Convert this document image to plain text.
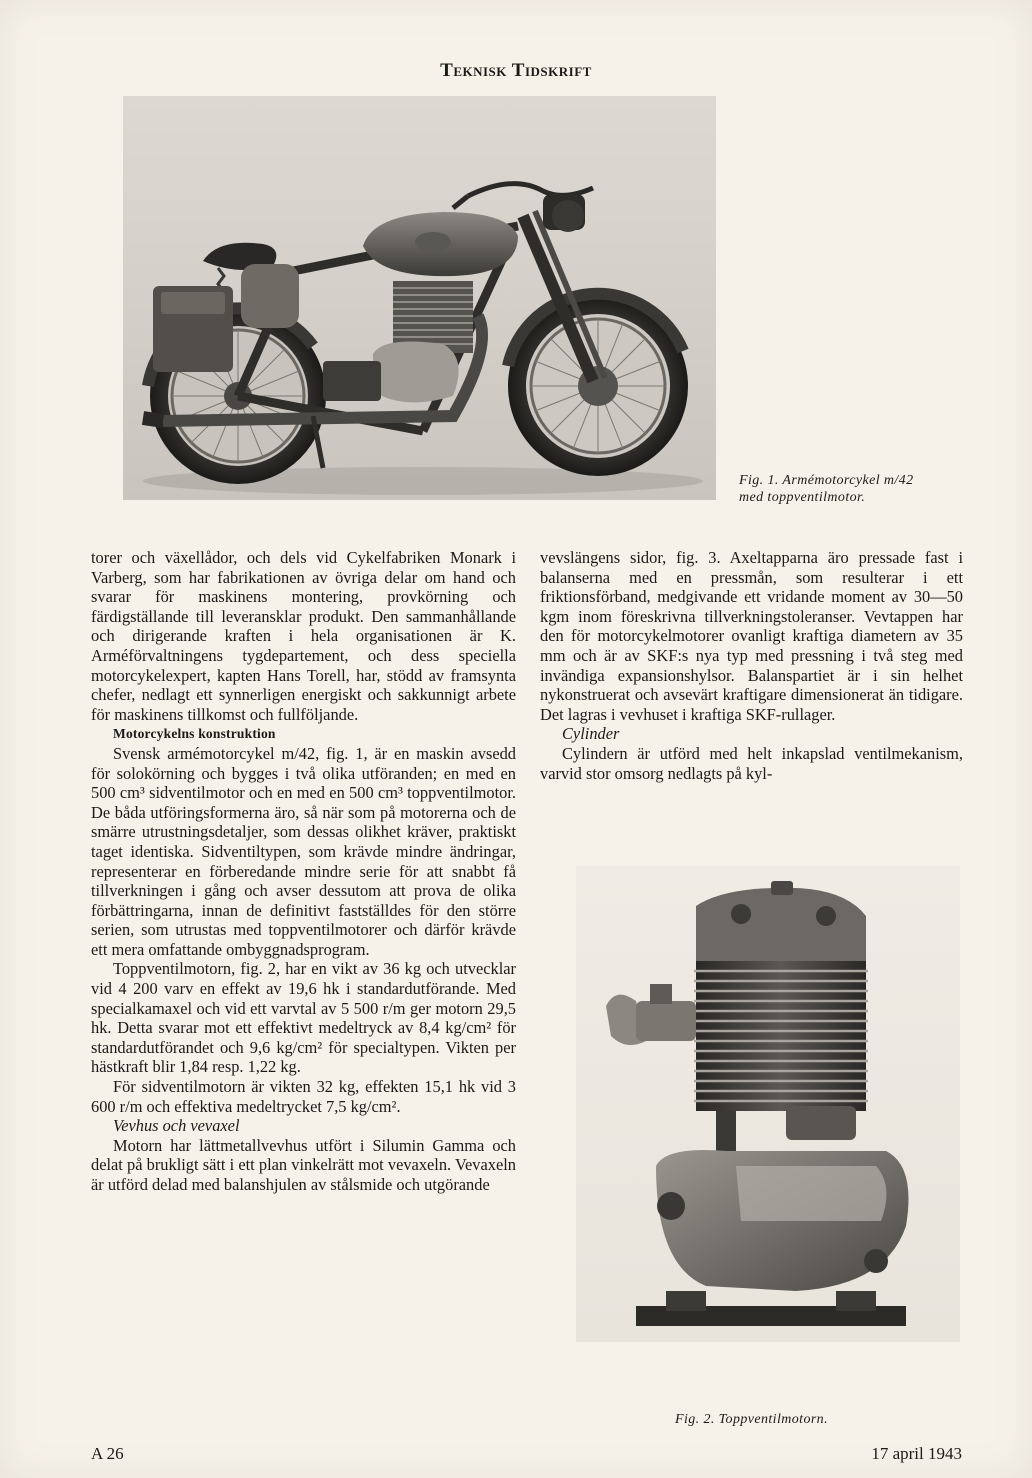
Teknisk Tidskrift
Fig. 1. Armémotorcykel m/42
med toppventilmotor.

torer och växellådor, och dels vid Cykelfabriken Monark i Varberg, som har fabrikationen av övriga delar om hand och svarar för maskinens montering, provkörning och färdigställande till leveransklar produkt. Den sammanhållande och dirigerande kraften i hela organisationen är K. Arméförvaltningens tygdepartement, och dess speciella motorcykelexpert, kapten Hans Torell, har, stödd av framsynta chefer, nedlagt ett synnerligen energiskt och sakkunnigt arbete för maskinens tillkomst och fullföljande.

Motorcykelns konstruktion

Svensk armémotorcykel m/42, fig. 1, är en maskin avsedd för solokörning och bygges i två olika utföranden; en med en 500 cm³ sidventilmotor och en med en 500 cm³ toppventilmotor. De båda utföringsformerna äro, så när som på motorerna och de smärre utrustningsdetaljer, som dessas olikhet kräver, praktiskt taget identiska. Sidventiltypen, som krävde mindre ändringar, representerar en förberedande mindre serie för att snabbt få tillverkningen i gång och avser dessutom att prova de olika förbättringarna, innan de definitivt fastställdes för den större serien, som utrustas med toppventilmotorer och därför krävde ett mera omfattande ombyggnadsprogram.

Toppventilmotorn, fig. 2, har en vikt av 36 kg och utvecklar vid 4 200 varv en effekt av 19,6 hk i standardutförande. Med specialkamaxel och vid ett varvtal av 5 500 r/m ger motorn 29,5 hk. Detta svarar mot ett effektivt medeltryck av 8,4 kg/cm² för standardutförandet och 9,6 kg/cm² för specialtypen. Vikten per hästkraft blir 1,84 resp. 1,22 kg.

För sidventilmotorn är vikten 32 kg, effekten 15,1 hk vid 3 600 r/m och effektiva medeltrycket 7,5 kg/cm².

Vevhus och vevaxel

Motorn har lättmetallvevhus utfört i Silumin Gamma och delat på brukligt sätt i ett plan vinkelrätt mot vevaxeln. Vevaxeln är utförd delad med balanshjulen av stålsmide och utgörande

vevslängens sidor, fig. 3. Axeltapparna äro pressade fast i balanserna med en pressmån, som resulterar i ett friktionsförband, medgivande ett vridande moment av 30—50 kgm inom föreskrivna tillverkningstoleranser. Vevtappen har den för motorcykelmotorer ovanligt kraftiga diametern av 35 mm och är av SKF:s nya typ med pressning i två steg med invändiga expansionshylsor. Balanspartiet är i sin helhet nykonstruerat och avsevärt kraftigare dimensionerat än tidigare. Det lagras i vevhuset i kraftiga SKF-rullager.

Cylinder

Cylindern är utförd med helt inkapslad ventilmekanism, varvid stor omsorg nedlagts på kyl-

Fig. 2. Toppventilmotorn.
A 26	17 april 1943
